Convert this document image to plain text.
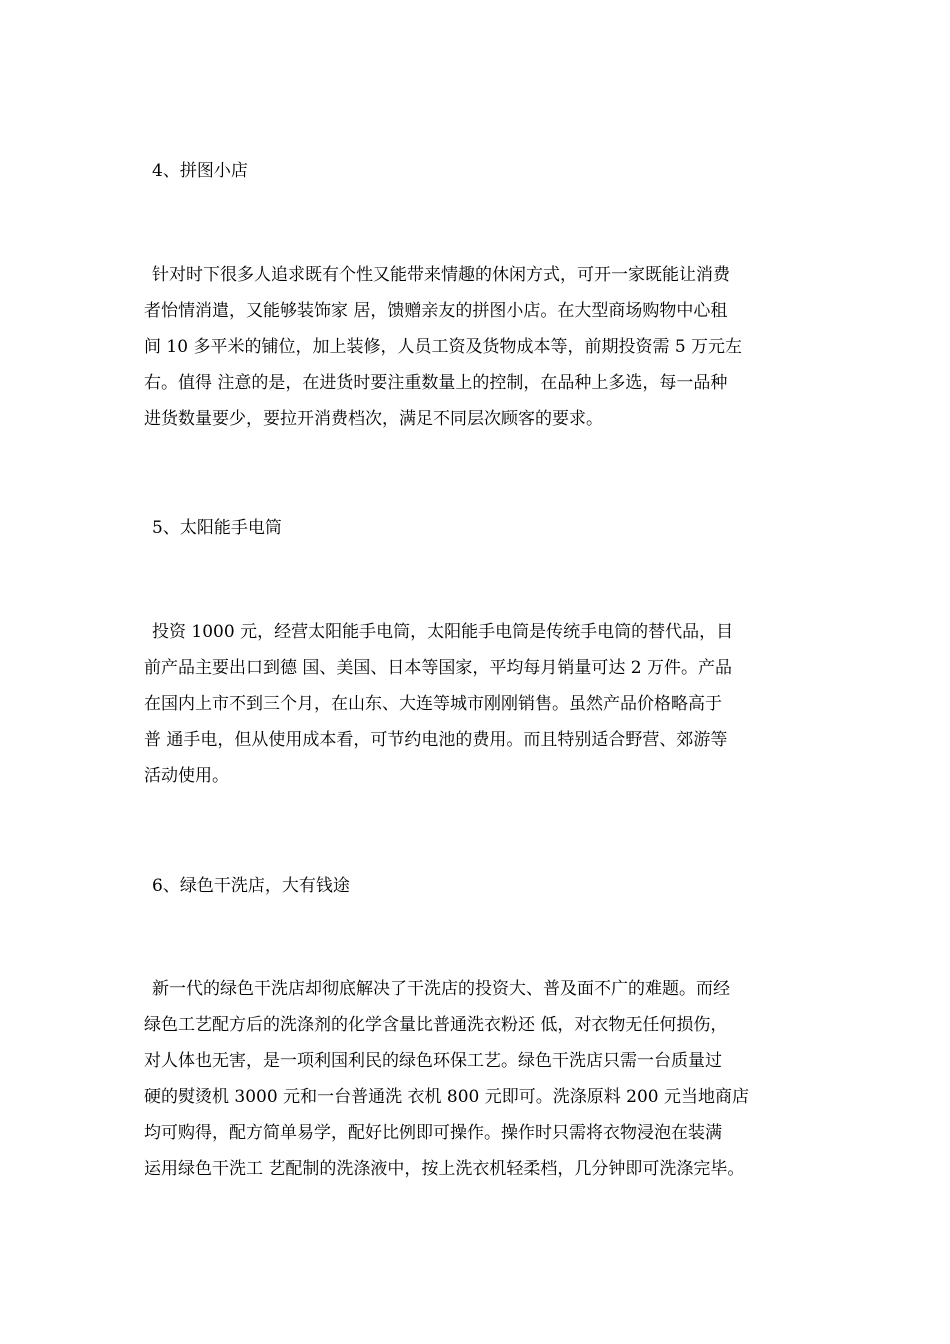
4、拼图小店
针对时下很多人追求既有个性又能带来情趣的休闲方式，可开一家既能让消费
者怡情消遣，又能够装饰家 居，馈赠亲友的拼图小店。在大型商场购物中心租
间 10 多平米的铺位，加上装修，人员工资及货物成本等，前期投资需 5 万元左
右。值得 注意的是，在进货时要注重数量上的控制，在品种上多选，每一品种
进货数量要少，要拉开消费档次，满足不同层次顾客的要求。
5、太阳能手电筒
投资 1000 元，经营太阳能手电筒，太阳能手电筒是传统手电筒的替代品，目
前产品主要出口到德 国、美国、日本等国家，平均每月销量可达 2 万件。产品
在国内上市不到三个月，在山东、大连等城市刚刚销售。虽然产品价格略高于
普 通手电，但从使用成本看，可节约电池的费用。而且特别适合野营、郊游等
活动使用。
6、绿色干洗店，大有钱途
新一代的绿色干洗店却彻底解决了干洗店的投资大、普及面不广的难题。而经
绿色工艺配方后的洗涤剂的化学含量比普通洗衣粉还 低，对衣物无任何损伤，
对人体也无害，是一项利国利民的绿色环保工艺。绿色干洗店只需一台质量过
硬的熨烫机 3000 元和一台普通洗 衣机 800 元即可。洗涤原料 200 元当地商店
均可购得，配方简单易学，配好比例即可操作。操作时只需将衣物浸泡在装满
运用绿色干洗工 艺配制的洗涤液中，按上洗衣机轻柔档，几分钟即可洗涤完毕。
